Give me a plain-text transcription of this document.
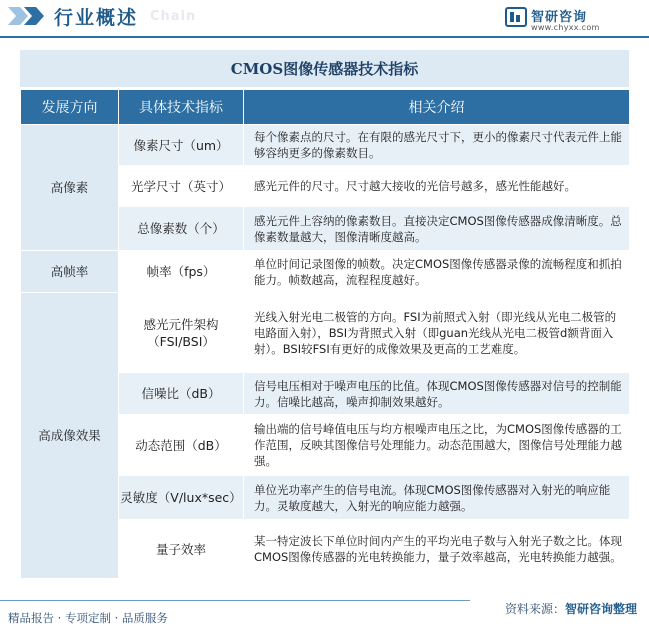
行业概述 Chain	智研咨询
www.chyxx.com
CMOS图像传感器技术指标
发展方向	具体技术指标	相关介绍
高像素	像素尺寸（um）	每个像素点的尺寸。在有限的感光尺寸下，更小的像素尺寸代表元件上能够容纳更多的像素数目。
	光学尺寸（英寸）	感光元件的尺寸。尺寸越大接收的光信号越多，感光性能越好。
	总像素数（个）	感光元件上容纳的像素数目。直接决定CMOS图像传感器成像清晰度。总像素数量越大，图像清晰度越高。
高帧率	帧率（fps）	单位时间记录图像的帧数。决定CMOS图像传感器录像的流畅程度和抓拍能力。帧数越高，流程程度越好。
高成像效果	感光元件架构（FSI/BSI）	光线入射光电二极管的方向。FSI为前照式入射（即光线从光电二极管的电路面入射），BSI为背照式入射（即guan光线从光电二极管d额背面入射）。BSI较FSI有更好的成像效果及更高的工艺难度。
	信噪比（dB）	信号电压相对于噪声电压的比值。体现CMOS图像传感器对信号的控制能力。信噪比越高，噪声抑制效果越好。
	动态范围（dB）	输出端的信号峰值电压与均方根噪声电压之比，为CMOS图像传感器的工作范围，反映其图像信号处理能力。动态范围越大，图像信号处理能力越强。
	灵敏度（V/lux*sec）	单位光功率产生的信号电流。体现CMOS图像传感器对入射光的响应能力。灵敏度越大，入射光的响应能力越强。
	量子效率	某一特定波长下单位时间内产生的平均光电子数与入射光子数之比。体现CMOS图像传感器的光电转换能力，量子效率越高，光电转换能力越强。
精品报告 · 专项定制 · 品质服务
资料来源：智研咨询整理
